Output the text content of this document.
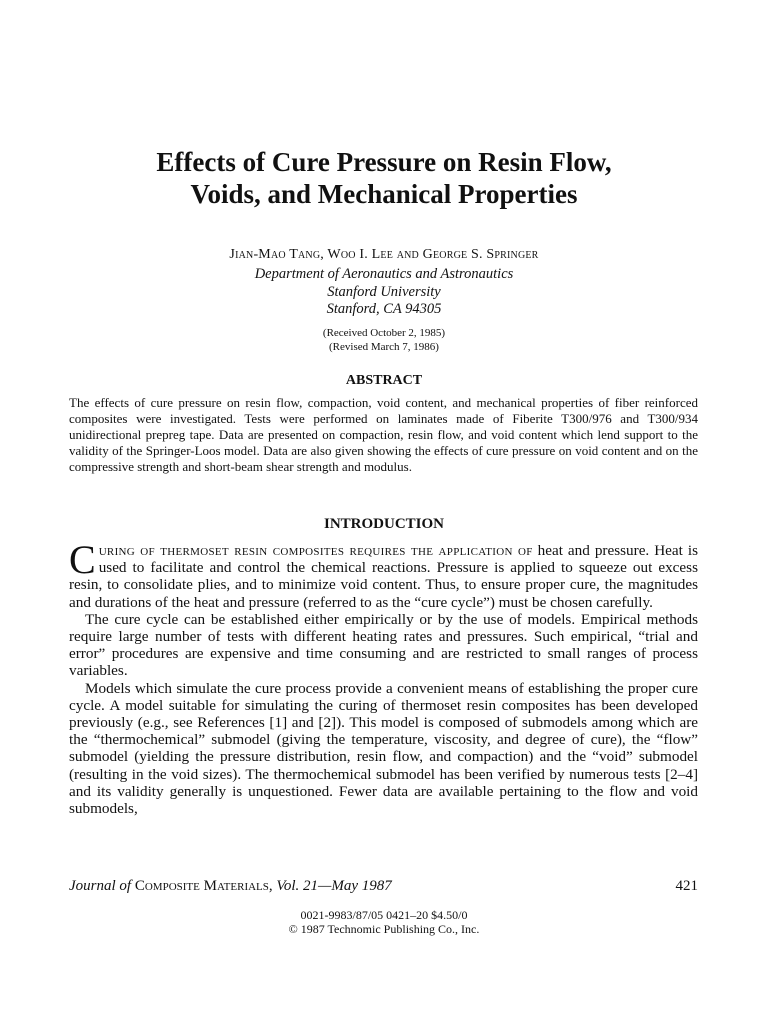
Effects of Cure Pressure on Resin Flow,
Voids, and Mechanical Properties
Jian-Mao Tang, Woo I. Lee and George S. Springer
Department of Aeronautics and Astronautics
Stanford University
Stanford, CA 94305
(Received October 2, 1985)
(Revised March 7, 1986)
ABSTRACT
The effects of cure pressure on resin flow, compaction, void content, and mechanical properties of fiber reinforced composites were investigated. Tests were performed on laminates made of Fiberite T300/976 and T300/934 unidirectional prepreg tape. Data are presented on compaction, resin flow, and void content which lend support to the validity of the Springer-Loos model. Data are also given showing the effects of cure pressure on void content and on the compressive strength and short-beam shear strength and modulus.
INTRODUCTION

Curing of thermoset resin composites requires the application of heat and pressure. Heat is used to facilitate and control the chemical reactions. Pressure is applied to squeeze out excess resin, to consolidate plies, and to minimize void content. Thus, to ensure proper cure, the magnitudes and durations of the heat and pressure (referred to as the “cure cycle”) must be chosen carefully.

The cure cycle can be established either empirically or by the use of models. Empirical methods require large number of tests with different heating rates and pressures. Such empirical, “trial and error” procedures are expensive and time consuming and are restricted to small ranges of process variables.

Models which simulate the cure process provide a convenient means of establishing the proper cure cycle. A model suitable for simulating the curing of thermoset resin composites has been developed previously (e.g., see References [1] and [2]). This model is composed of submodels among which are the “thermochemical” submodel (giving the temperature, viscosity, and degree of cure), the “flow” submodel (yielding the pressure distribution, resin flow, and compaction) and the “void” submodel (resulting in the void sizes). The thermochemical submodel has been verified by numerous tests [2–4] and its validity generally is unquestioned. Fewer data are available pertaining to the flow and void submodels,

Journal of Composite Materials, Vol. 21—May 1987	421
0021-9983/87/05 0421–20 $4.50/0
© 1987 Technomic Publishing Co., Inc.
